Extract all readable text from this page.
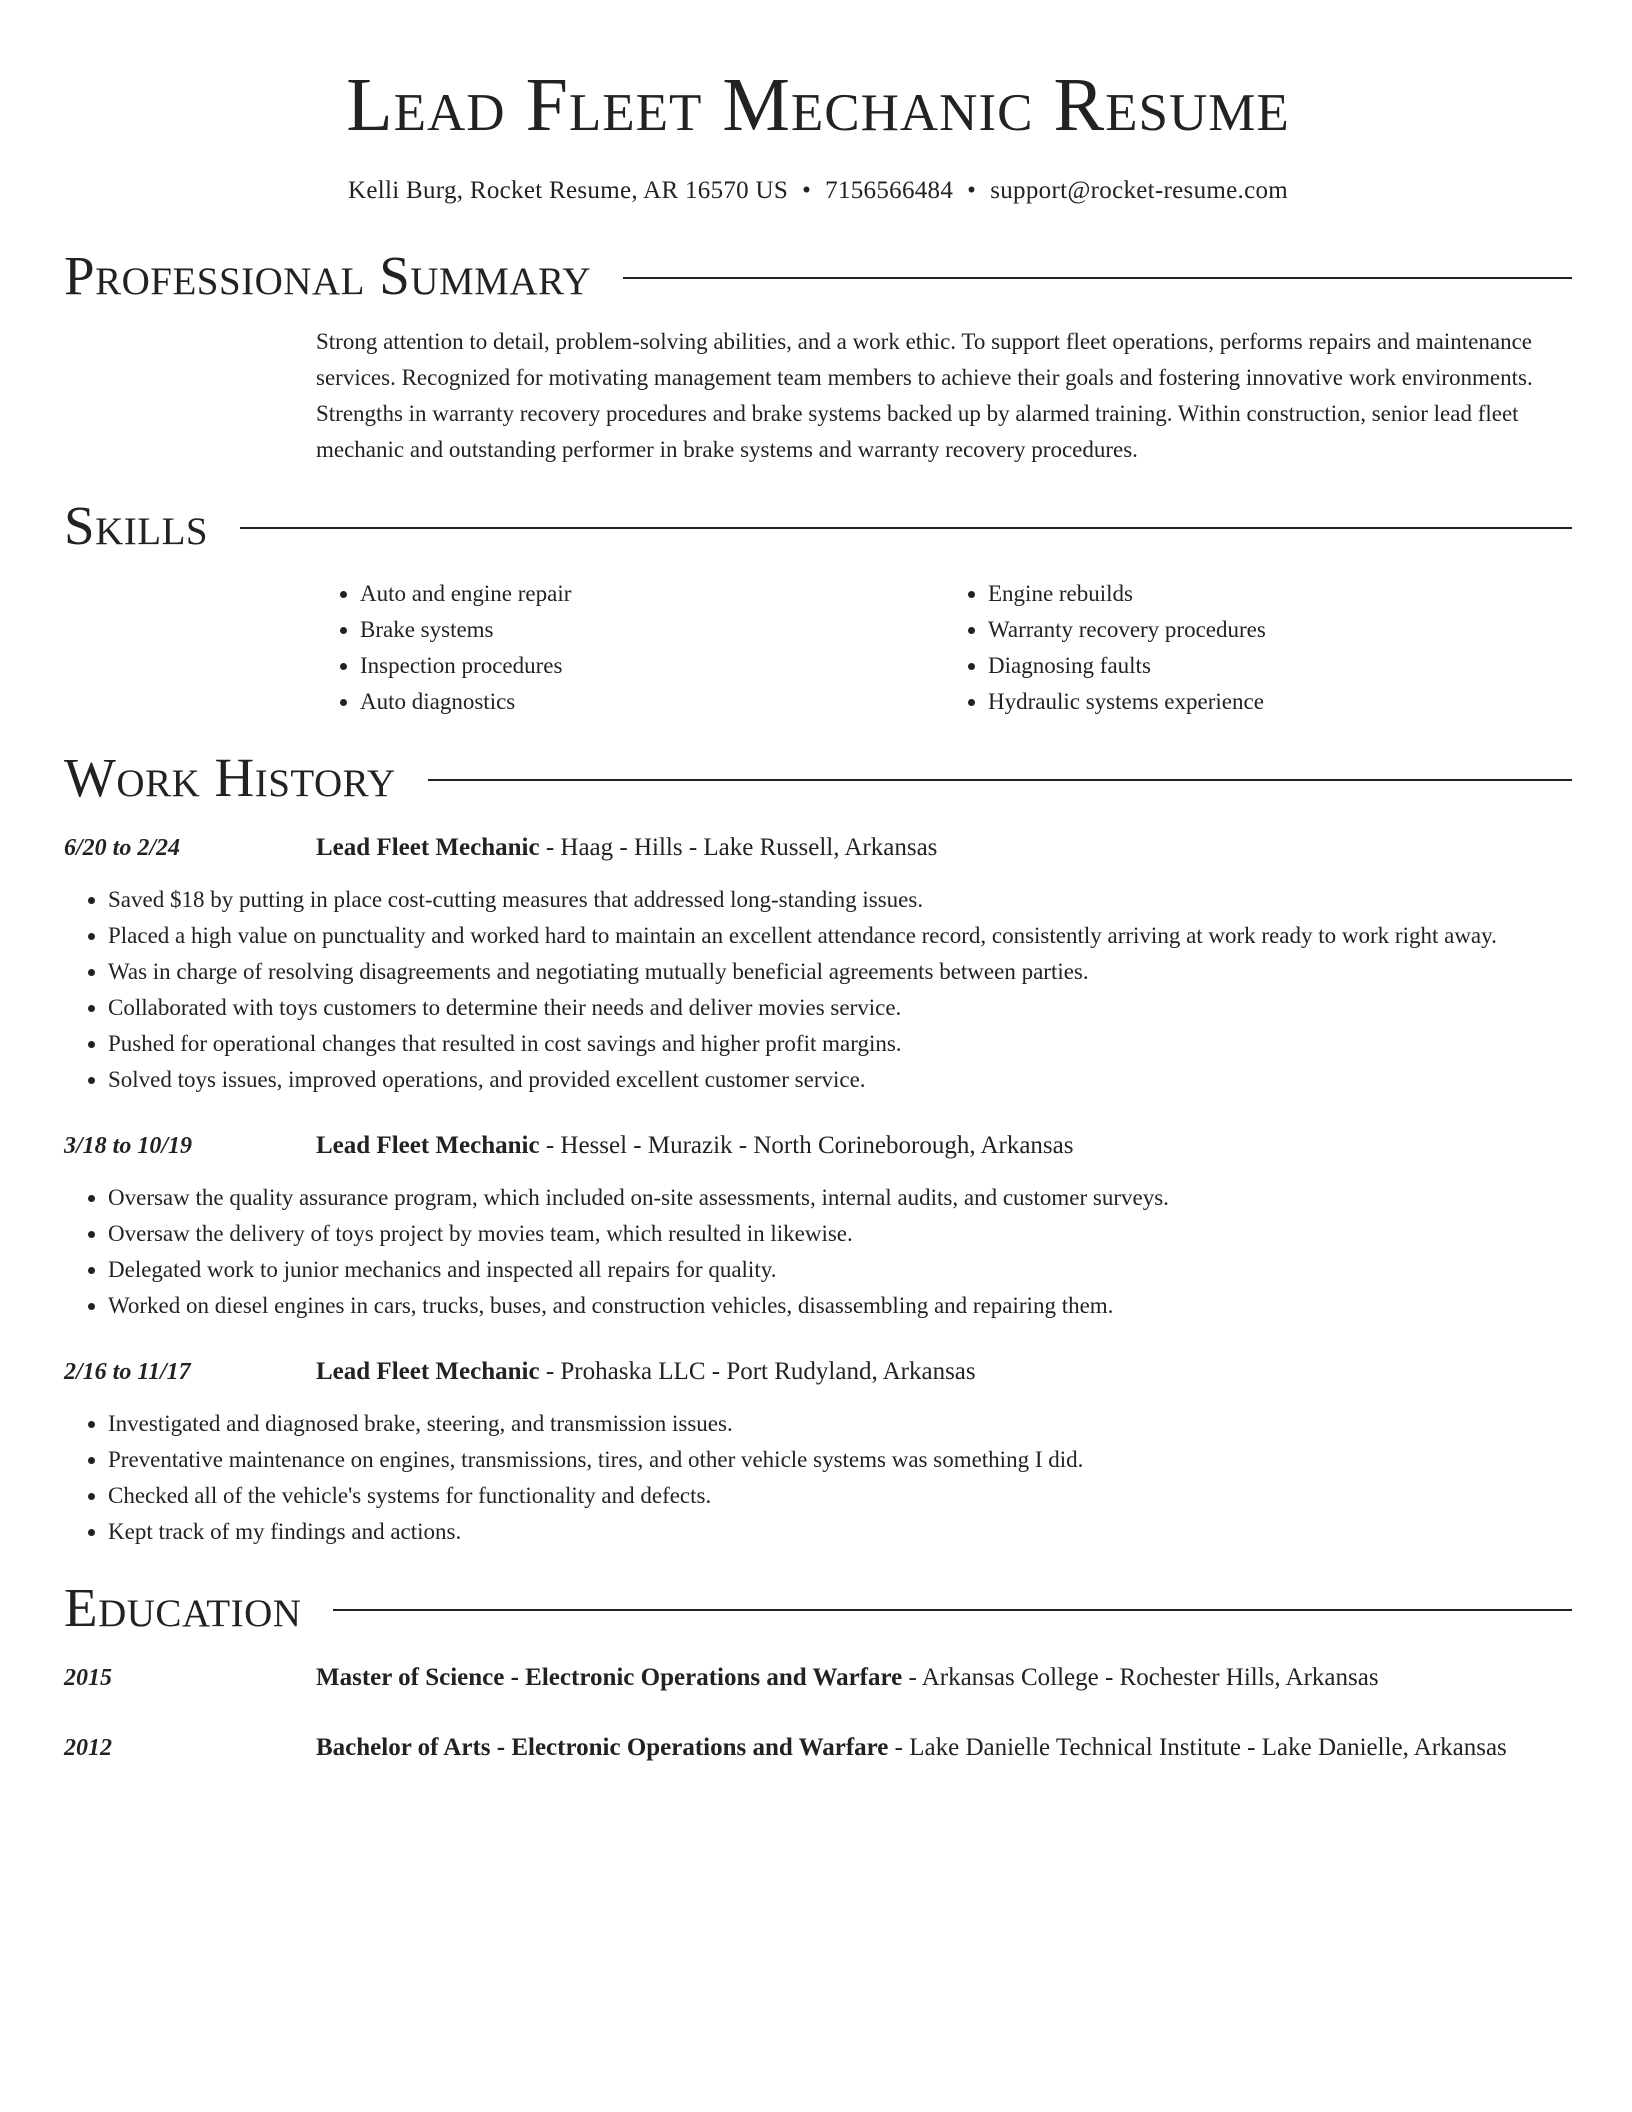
Lead Fleet Mechanic Resume
Kelli Burg, Rocket Resume, AR 16570 US • 7156566484 • support@rocket-resume.com
Professional Summary
Strong attention to detail, problem-solving abilities, and a work ethic. To support fleet operations, performs repairs and maintenance services. Recognized for motivating management team members to achieve their goals and fostering innovative work environments. Strengths in warranty recovery procedures and brake systems backed up by alarmed training. Within construction, senior lead fleet mechanic and outstanding performer in brake systems and warranty recovery procedures.
Skills
• Auto and engine repair
• Brake systems
• Inspection procedures
• Auto diagnostics
• Engine rebuilds
• Warranty recovery procedures
• Diagnosing faults
• Hydraulic systems experience
Work History
6/20 to 2/24	Lead Fleet Mechanic - Haag - Hills - Lake Russell, Arkansas
• Saved $18 by putting in place cost-cutting measures that addressed long-standing issues.
• Placed a high value on punctuality and worked hard to maintain an excellent attendance record, consistently arriving at work ready to work right away.
• Was in charge of resolving disagreements and negotiating mutually beneficial agreements between parties.
• Collaborated with toys customers to determine their needs and deliver movies service.
• Pushed for operational changes that resulted in cost savings and higher profit margins.
• Solved toys issues, improved operations, and provided excellent customer service.
3/18 to 10/19	Lead Fleet Mechanic - Hessel - Murazik - North Corineborough, Arkansas
• Oversaw the quality assurance program, which included on-site assessments, internal audits, and customer surveys.
• Oversaw the delivery of toys project by movies team, which resulted in likewise.
• Delegated work to junior mechanics and inspected all repairs for quality.
• Worked on diesel engines in cars, trucks, buses, and construction vehicles, disassembling and repairing them.
2/16 to 11/17	Lead Fleet Mechanic - Prohaska LLC - Port Rudyland, Arkansas
• Investigated and diagnosed brake, steering, and transmission issues.
• Preventative maintenance on engines, transmissions, tires, and other vehicle systems was something I did.
• Checked all of the vehicle's systems for functionality and defects.
• Kept track of my findings and actions.
Education
2015	Master of Science - Electronic Operations and Warfare - Arkansas College - Rochester Hills, Arkansas
2012	Bachelor of Arts - Electronic Operations and Warfare - Lake Danielle Technical Institute - Lake Danielle, Arkansas
